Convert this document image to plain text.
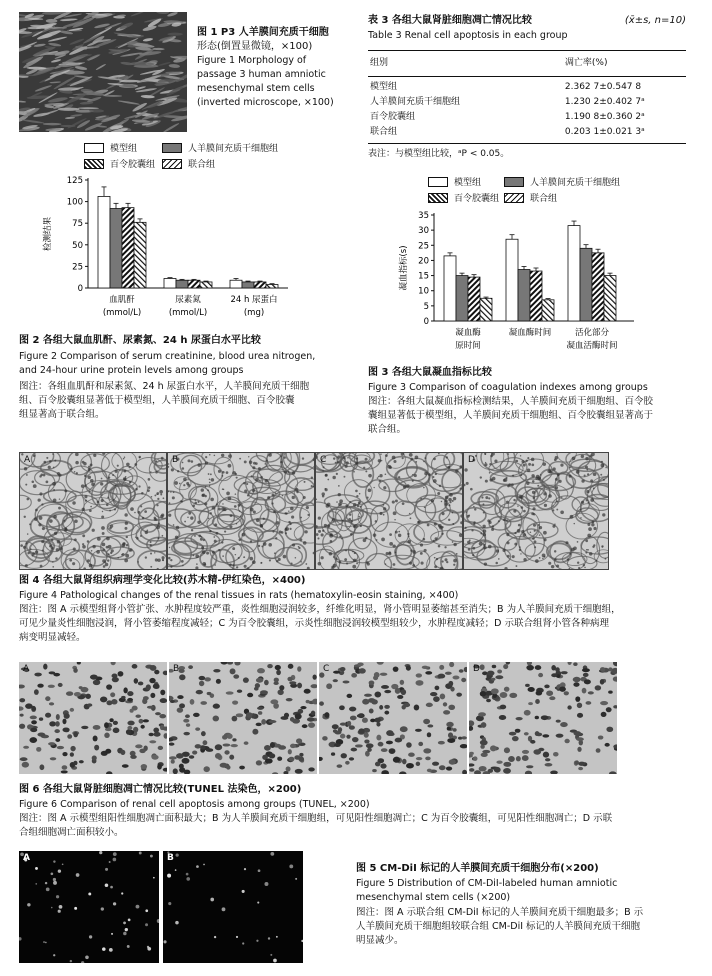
图 1 P3 人羊膜间充质干细胞
形态(倒置显微镜，×100)
Figure 1 Morphology of
passage 3 human amniotic
mesenchymal stem cells
(inverted microscope, ×100)
表 3 各组大鼠肾脏细胞凋亡情况比较	(x̄±s, n=10)
Table 3 Renal cell apoptosis in each group
组别	凋亡率(%)
模型组	2.362 7±0.547 8
人羊膜间充质干细胞组	1.230 2±0.402 7ᵃ
百令胶囊组	1.190 8±0.360 2ᵃ
联合组	0.203 1±0.021 3ᵃ
表注：与模型组比较，ᵃP < 0.05。
模型组	人羊膜间充质干细胞组
百令胶囊组	联合组
0
25
50
75
100
125
检测结果
血肌酐
(mmol/L)
尿素氮
(mmol/L)
24 h 尿蛋白
(mg)
图 2 各组大鼠血肌酐、尿素氮、24 h 尿蛋白水平比较
Figure 2 Comparison of serum creatinine, blood urea nitrogen,
and 24-hour urine protein levels among groups
图注：各组血肌酐和尿素氮、24 h 尿蛋白水平，人羊膜间充质干细胞
组、百令胶囊组显著低于模型组，人羊膜间充质干细胞、百令胶囊
组显著高于联合组。
模型组	人羊膜间充质干细胞组
百令胶囊组	联合组
0
5
10
15
20
25
30
35
凝血指标(s)
凝血酶
原时间
凝血酶时间	活化部分
凝血活酶时间
图 3 各组大鼠凝血指标比较
Figure 3 Comparison of coagulation indexes among groups
图注：各组大鼠凝血指标检测结果，人羊膜间充质干细胞组、百令胶
囊组显著低于模型组，人羊膜间充质干细胞组、百令胶囊组显著高于
联合组。
A	B	C	D
图 4 各组大鼠肾组织病理学变化比较(苏木精-伊红染色，×400)
Figure 4 Pathological changes of the renal tissues in rats (hematoxylin-eosin staining, ×400)
图注：图 A 示模型组肾小管扩张、水肿程度较严重，炎性细胞浸润较多，纤维化明显，肾小管明显萎缩甚至消失；B 为人羊膜间充质干细胞组，
可见少量炎性细胞浸润，肾小管萎缩程度减轻；C 为百令胶囊组，示炎性细胞浸润较模型组较少，水肿程度减轻；D 示联合组肾小管各种病理
病变明显减轻。
A	B	C	D
图 6 各组大鼠肾脏细胞凋亡情况比较(TUNEL 法染色，×200)
Figure 6 Comparison of renal cell apoptosis among groups (TUNEL, ×200)
图注：图 A 示模型组阳性细胞凋亡面积最大；B 为人羊膜间充质干细胞组，可见阳性细胞凋亡；C 为百令胶囊组，可见阳性细胞凋亡；D 示联
合组细胞凋亡面积较小。
A	B
图 5 CM-DiI 标记的人羊膜间充质干细胞分布(×200)
Figure 5 Distribution of CM-DiI-labeled human amniotic
mesenchymal stem cells (×200)
图注：图 A 示联合组 CM-DiI 标记的人羊膜间充质干细胞最多；B 示
人羊膜间充质干细胞组较联合组 CM-DiI 标记的人羊膜间充质干细胞
明显减少。
